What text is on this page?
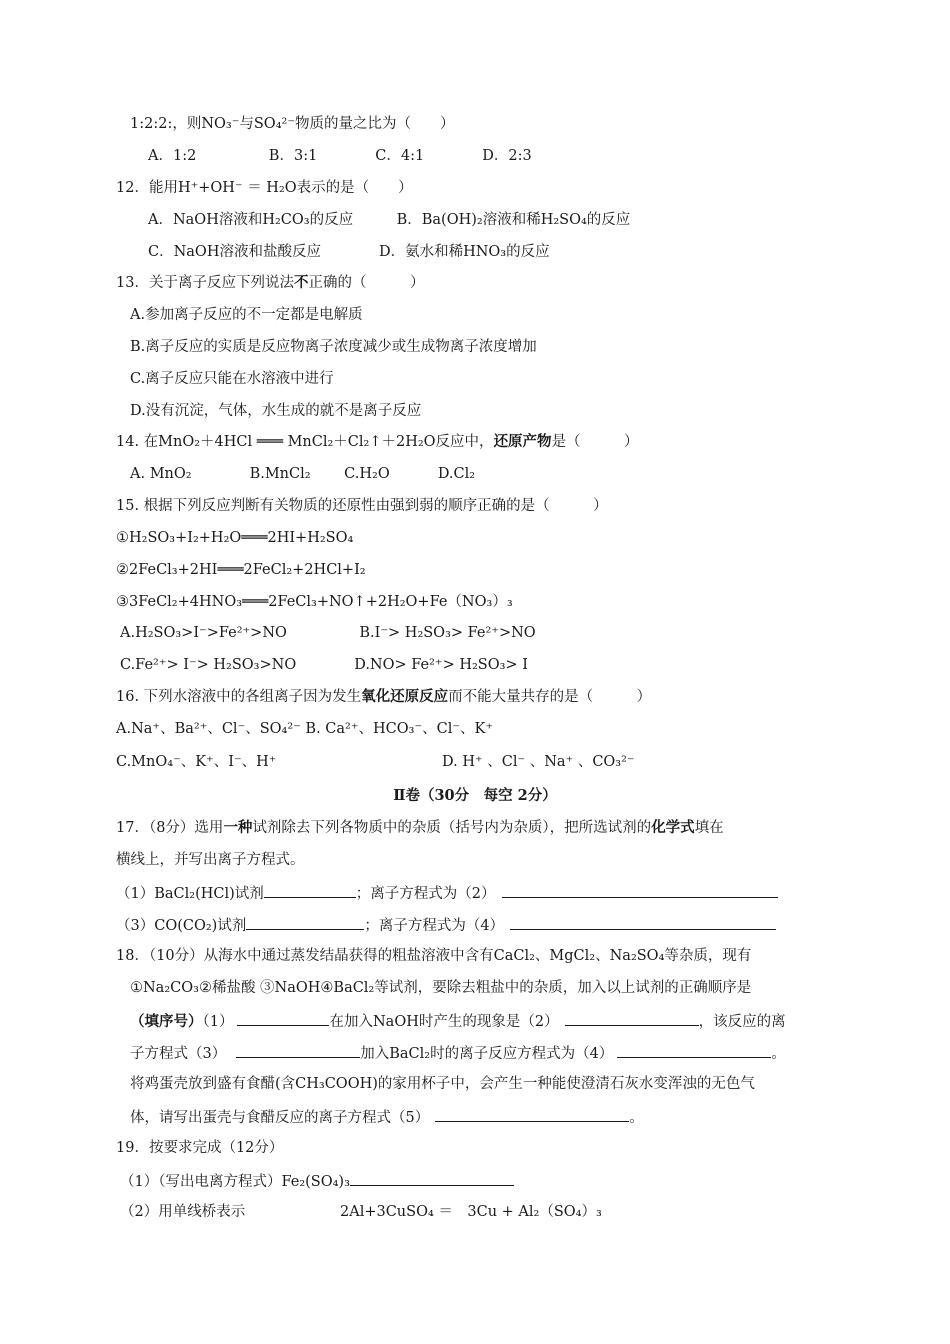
1:2:2:，则NO₃⁻与SO₄²⁻物质的量之比为（　　）
A．1:2　　　　　B．3:1　　　　C．4:1　　　　D．2:3
12．能用H⁺+OH⁻ ＝ H₂O表示的是（　　）
A．NaOH溶液和H₂CO₃的反应　　　B．Ba(OH)₂溶液和稀H₂SO₄的反应
C．NaOH溶液和盐酸反应　　　　D．氨水和稀HNO₃的反应
13．关于离子反应下列说法不正确的（　　　）
A.参加离子反应的不一定都是电解质
B.离子反应的实质是反应物离子浓度减少或生成物离子浓度增加
C.离子反应只能在水溶液中进行
D.没有沉淀，气体，水生成的就不是离子反应
14. 在MnO₂＋4HCl ═══ MnCl₂＋Cl₂↑＋2H₂O反应中，还原产物是（　　　）
A. MnO₂　　　　B.MnCl₂　　 C.H₂O　　　 D.Cl₂
15. 根据下列反应判断有关物质的还原性由强到弱的顺序正确的是（　　　）
①H₂SO₃+I₂+H₂O═══2HI+H₂SO₄
②2FeCl₃+2HI═══2FeCl₂+2HCl+I₂
③3FeCl₂+4HNO₃═══2FeCl₃+NO↑+2H₂O+Fe（NO₃）₃
A.H₂SO₃>I⁻>Fe²⁺>NO　　　　　B.I⁻> H₂SO₃> Fe²⁺>NO
C.Fe²⁺> I⁻> H₂SO₃>NO　　　　D.NO> Fe²⁺> H₂SO₃> I
16. 下列水溶液中的各组离子因为发生氧化还原反应而不能大量共存的是（　　　）
A.Na⁺、Ba²⁺、Cl⁻、SO₄²⁻ B. Ca²⁺、HCO₃⁻、Cl⁻、K⁺
C.MnO₄⁻、K⁺、I⁻、H⁺	D. H⁺ 、Cl⁻ 、Na⁺ 、CO₃²⁻
Ⅱ卷（30分　每空 2分）
17．（8分）选用一种试剂除去下列各物质中的杂质（括号内为杂质），把所选试剂的化学式填在
横线上，并写出离子方程式。
（1）BaCl₂(HCl)试剂	；离子方程式为（2）
（3）CO(CO₂)试剂	；离子方程式为（4）
18．（10分）从海水中通过蒸发结晶获得的粗盐溶液中含有CaCl₂、MgCl₂、Na₂SO₄等杂质，现有
①Na₂CO₃②稀盐酸 ③NaOH④BaCl₂等试剂，要除去粗盐中的杂质，加入以上试剂的正确顺序是
（填序号）（1）	在加入NaOH时产生的现象是（2）	，该反应的离
子方程式（3）	加入BaCl₂时的离子反应方程式为（4）	。
将鸡蛋壳放到盛有食醋(含CH₃COOH)的家用杯子中，会产生一种能使澄清石灰水变浑浊的无色气
体，请写出蛋壳与食醋反应的离子方程式（5）	。
19．按要求完成（12分）
（1）（写出电离方程式）Fe₂(SO₄)₃
（2）用单线桥表示	2Al+3CuSO₄ ＝　3Cu + Al₂（SO₄）₃
